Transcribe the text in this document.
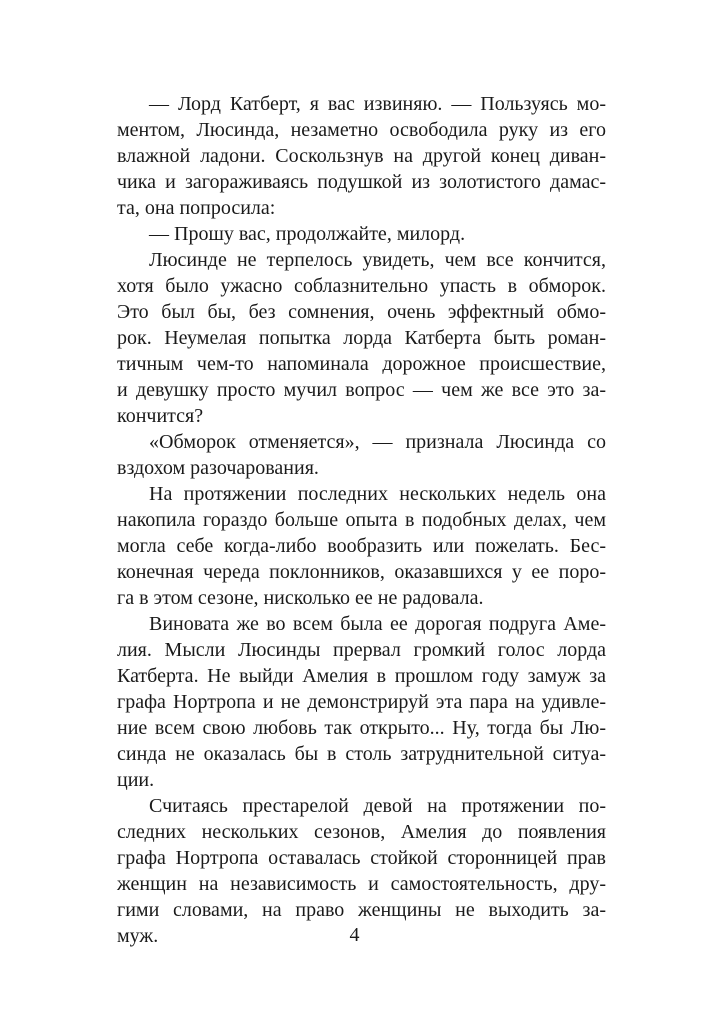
— Лорд Катберт, я вас извиняю. — Пользуясь мо-
ментом, Люсинда, незаметно освободила руку из его
влажной ладони. Соскользнув на другой конец диван-
чика и загораживаясь подушкой из золотистого дамас-
та, она попросила:
— Прошу вас, продолжайте, милорд.
Люсинде не терпелось увидеть, чем все кончится,
хотя было ужасно соблазнительно упасть в обморок.
Это был бы, без сомнения, очень эффектный обмо-
рок. Неумелая попытка лорда Катберта быть роман-
тичным чем-то напоминала дорожное происшествие,
и девушку просто мучил вопрос — чем же все это за-
кончится?
«Обморок отменяется», — признала Люсинда со
вздохом разочарования.
На протяжении последних нескольких недель она
накопила гораздо больше опыта в подобных делах, чем
могла себе когда-либо вообразить или пожелать. Бес-
конечная череда поклонников, оказавшихся у ее поро-
га в этом сезоне, нисколько ее не радовала.
Виновата же во всем была ее дорогая подруга Аме-
лия. Мысли Люсинды прервал громкий голос лорда
Катберта. Не выйди Амелия в прошлом году замуж за
графа Нортропа и не демонстрируй эта пара на удивле-
ние всем свою любовь так открыто... Ну, тогда бы Лю-
синда не оказалась бы в столь затруднительной ситуа-
ции.
Считаясь престарелой девой на протяжении по-
следних нескольких сезонов, Амелия до появления
графа Нортропа оставалась стойкой сторонницей прав
женщин на независимость и самостоятельность, дру-
гими словами, на право женщины не выходить за-
муж.	4
